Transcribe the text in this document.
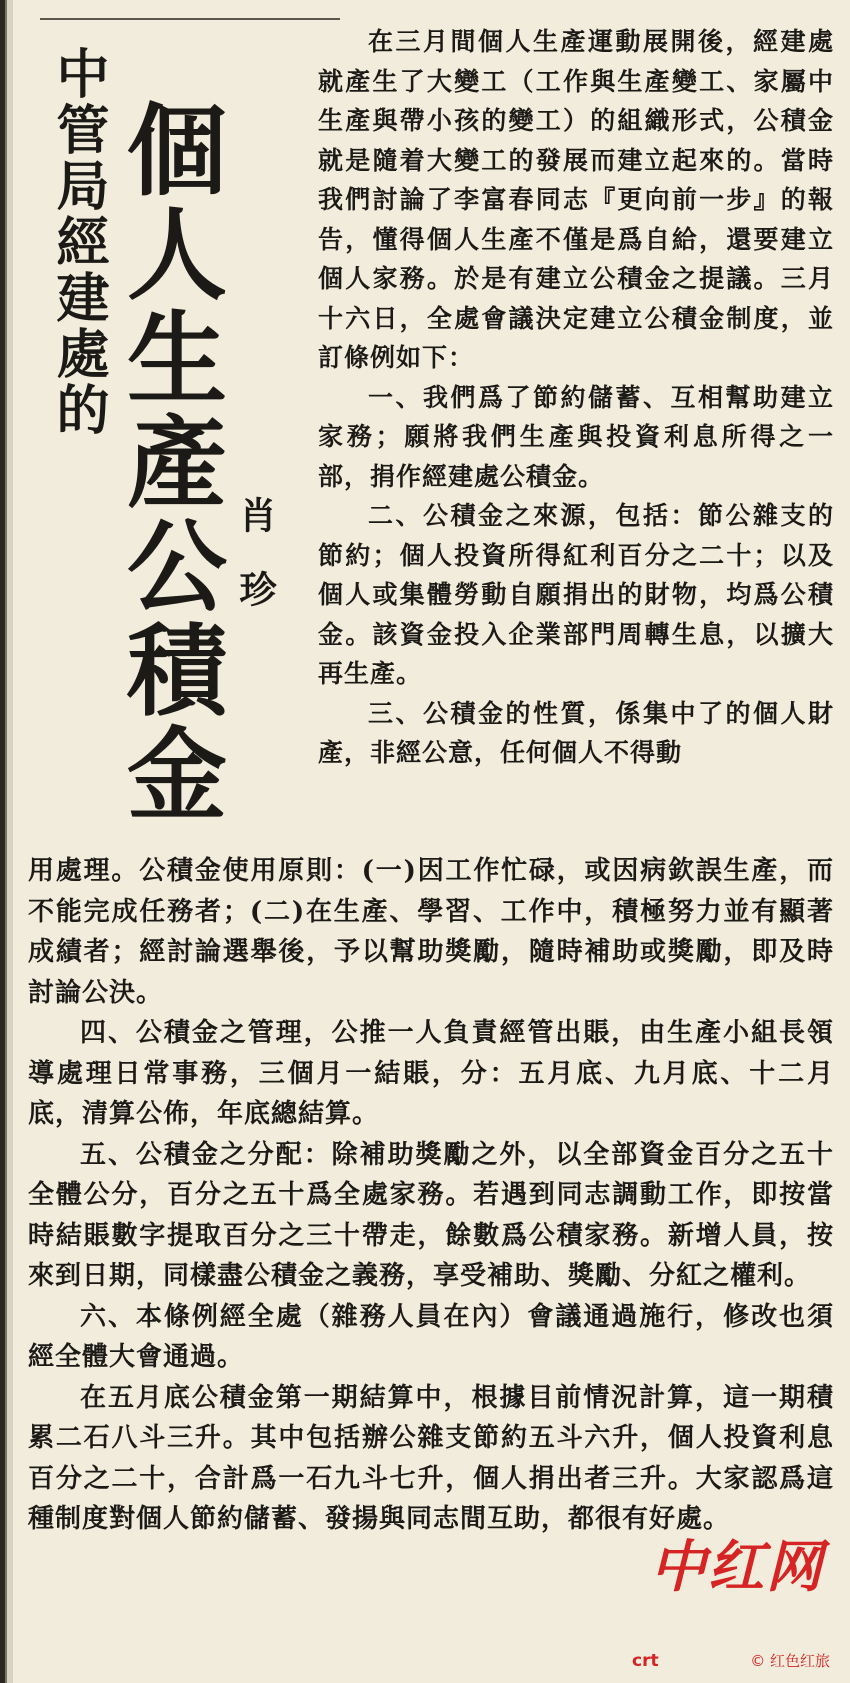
中管局經建處的 個人生產公積金 肖 珍

在三月間個人生產運動展開後，經建處就產生了大變工（工作與生產變工、家屬中生產與帶小孩的變工）的組織形式，公積金就是隨着大變工的發展而建立起來的。當時我們討論了李富春同志『更向前一步』的報告，懂得個人生產不僅是爲自給，還要建立個人家務。於是有建立公積金之提議。三月十六日，全處會議決定建立公積金制度，並訂條例如下：

一、我們爲了節約儲蓄、互相幫助建立家務；願將我們生產與投資利息所得之一部，捐作經建處公積金。

二、公積金之來源，包括：節公雜支的節約；個人投資所得紅利百分之二十；以及個人或集體勞動自願捐出的財物，均爲公積金。該資金投入企業部門周轉生息，以擴大再生產。

三、公積金的性質，係集中了的個人財產，非經公意，任何個人不得動

用處理。公積金使用原則：(一)因工作忙碌，或因病欽誤生產，而不能完成任務者；(二)在生產、學習、工作中，積極努力並有顯著成績者；經討論選舉後，予以幫助獎勵，隨時補助或獎勵，即及時討論公決。

四、公積金之管理，公推一人負責經管出賬，由生產小組長領導處理日常事務，三個月一結賬，分：五月底、九月底、十二月底，清算公佈，年底總結算。

五、公積金之分配：除補助獎勵之外，以全部資金百分之五十全體公分，百分之五十爲全處家務。若遇到同志調動工作，即按當時結賬數字提取百分之三十帶走，餘數爲公積家務。新增人員，按來到日期，同樣盡公積金之義務，享受補助、獎勵、分紅之權利。

六、本條例經全處（雜務人員在內）會議通過施行，修改也須經全體大會通過。

在五月底公積金第一期結算中，根據目前情況計算，這一期積累二石八斗三升。其中包括辦公雜支節約五斗六升，個人投資利息百分之二十，合計爲一石九斗七升，個人捐出者三升。大家認爲這種制度對個人節約儲蓄、發揚與同志間互助，都很有好處。

中红网
crt	© 红色红旅
